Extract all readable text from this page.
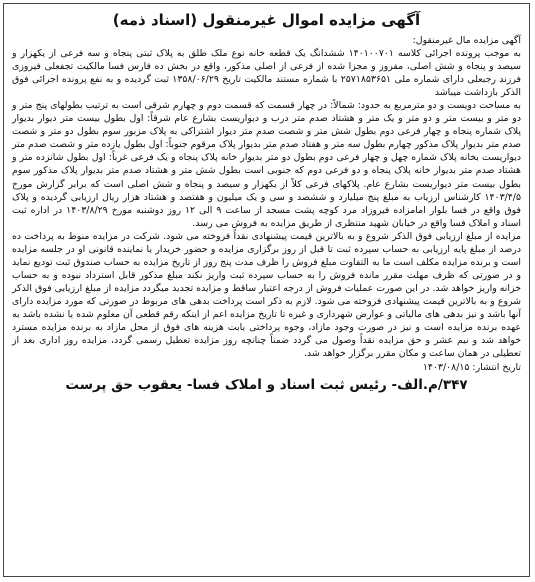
آگهی مزایده اموال غیرمنقول (اسناد ذمه)

آگهی مزایده مال غیرمنقول:

به موجب پرونده اجرائی کلاسه ۱۴۰۱۰۰۷۰۱ ششدانگ یک قطعه خانه نوع ملک طلق به پلاک ثبتی پنجاه و سه فرعی از یکهزار و سیصد و پنجاه و شش اصلی، مفروز و مجزا شده از فرعی از اصلی مذکور، واقع در بخش ده فارس فسا مالکیت تجفعلی فیروزی فرزند رجبعلی دارای شماره ملی ۲۵۷۱۸۵۳۶۵۱ با شماره مستند مالکیت تاریخ ۱۳۵۸/۰۶/۲۹ ثبت گردیده و به نفع پرونده اجرائی فوق الذکر بازداشت میباشد

به مساحت دویست و دو مترمربع به حدود: شمالاً: در چهار قسمت که قسمت دوم و چهارم شرقی است به ترتیب بطولهای پنج متر و دو متر و بیست متر و دو متر و یک متر و هشتاد صدم متر درب و دیواریست بشارع عام شرقاً: اول بطول بیست متر دیوار بدیوار پلاک شماره پنجاه و چهار فرعی دوم بطول شش متر و شصت صدم متر دیوار اشتراکی به پلاک مزبور سوم بطول دو متر و شصت صدم متر بدیوار پلاک مذکور چهارم بطول سه متر و هفتاد صدم متر بدیوار پلاک مرقوم جنوباً: اول بطول یازده متر و شصت صدم متر دیواریست بخانه پلاک شماره چهل و چهار فرعی دوم بطول دو متر بدیوار خانه پلاک پنجاه و یک فرعی غرباً: اول بطول شانزده متر و هشتاد صدم متر بدیوار خانه پلاک پنجاه و دو فرعی دوم که جنوبی است بطول شش متر و هشتاد صدم متر بدیوار پلاک مذکور سوم بطول بیست متر دیواریست بشارع عام. پلاکهای فرعی کلاً از یکهزار و سیصد و پنجاه و شش اصلی است که برابر گزارش مورخ ۱۴۰۳/۴/۵ کارشناس ارزیاب به مبلغ پنج میلیارد و ششصد و سی و یک میلیون و هفتصد و هشتاد هزار ریال ارزیابی گردیده و پلاک فوق واقع در فسا بلوار امامزاده فیروزاد مرد کوچه پشت مسجد از ساعت ۹ الی ۱۲ روز دوشنبه مورخ ۱۴۰۳/۸/۲۹ در اداره ثبت اسناد و املاک فسا واقع در خیابان شهید منتظری از طریق مزایده به فروش می رسد.

مزایده از مبلغ ارزیابی فوق الذکر شروع و به بالاترین قیمت پیشنهادی نقداً فروخته می شود. شرکت در مزایده منوط به پرداخت ده درصد از مبلغ پایه ارزیابی به حساب سپرده ثبت تا قبل از روز برگزاری مزایده و حضور خریدار یا نماینده قانونی او در جلسه مزایده است و برنده مزایده مکلف است ما به التفاوت مبلغ فروش را ظرف مدت پنج روز از تاریخ مزایده به حساب صندوق ثبت تودیع نماید و در صورتی که ظرف مهلت مقرر مانده فروش را به حساب سپرده ثبت واریز نکند مبلغ مذکور قابل استرداد نبوده و به حساب خزانه واریز خواهد شد. در این صورت عملیات فروش از درجه اعتبار ساقط و مزایده تجدید میگردد مزایده از مبلغ ارزیابی فوق الذکر شروع و به بالاترین قیمت پیشنهادی فروخته می شود. لازم به ذکر است پرداخت بدهی های مربوط در صورتی که مورد مزایده دارای آنها باشد و نیز بدهی های مالیاتی و عوارض شهرداری و غیره تا تاریخ مزایده اعم از اینکه رقم قطعی آن معلوم شده یا نشده باشد به عهده برنده مزایده است و نیز در صورت وجود مازاد، وجوه پرداختی بابت هزینه های فوق از محل مازاد به برنده مزایده مسترد خواهد شد و نیم عشر و حق مزایده نقداً وصول می گردد ضمناً چنانچه روز مزایده تعطیل رسمی گردد، مزایده روز اداری بعد از تعطیلی در همان ساعت و مکان مقرر برگزار خواهد شد.

تاریخ انتشار: ۱۴۰۳/۰۸/۱۵
۳۴۷/م.الف- رئیس ثبت اسناد و املاک فسا- یعقوب حق پرست
